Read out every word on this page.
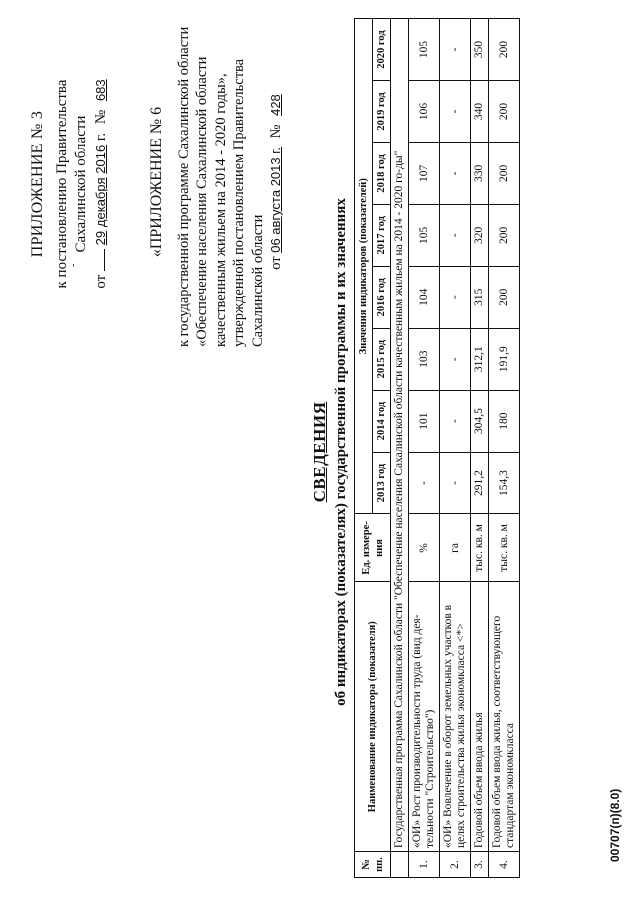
ПРИЛОЖЕНИЕ № 3 к постановлению Правительства Сахалинской области
от  29 декабря 2016 г. № 683
«ПРИЛОЖЕНИЕ № 6 к государственной программе Сахалинской области «Обеспечение населения Сахалинской области качественным жильем на 2014 - 2020 годы», утвержденной постановлением Правительства Сахалинской области от 06 августа 2013 г. № 428
-
СВЕДЕНИЯ об индикаторах (показателях) государственной программы и их значениях
№ пп.	Наименование индикатора (показателя)	Ед. измере-ния	Значения индикаторов (показателей)							
			2013 год	2014 год	2015 год	2016 год	2017 год	2018 год	2019 год	2020 год
	Государственная программа Сахалинской области "Обеспечение населения Сахалинской области качественным жильем на 2014 - 2020 го-ды"									
1.	«ОИ» Рост производительности труда (вид дея-тельности "Строительство")	%	-	101	103	104	105	107	106	105
2.	«ОИ» Вовлечение в оборот земельных участков в целях строительства жилья экономкласса <*>	га	-	-	-	-	-	-	-	-
3.	Годовой объем ввода жилья	тыс. кв. м	291,2	304,5	312,1	315	320	330	340	350
4.	Годовой объем ввода жилья, соответствующего стандартам экономкласса	тыс. кв. м	154,3	180	191,9	200	200	200	200	200
00707(п)(8.0)
